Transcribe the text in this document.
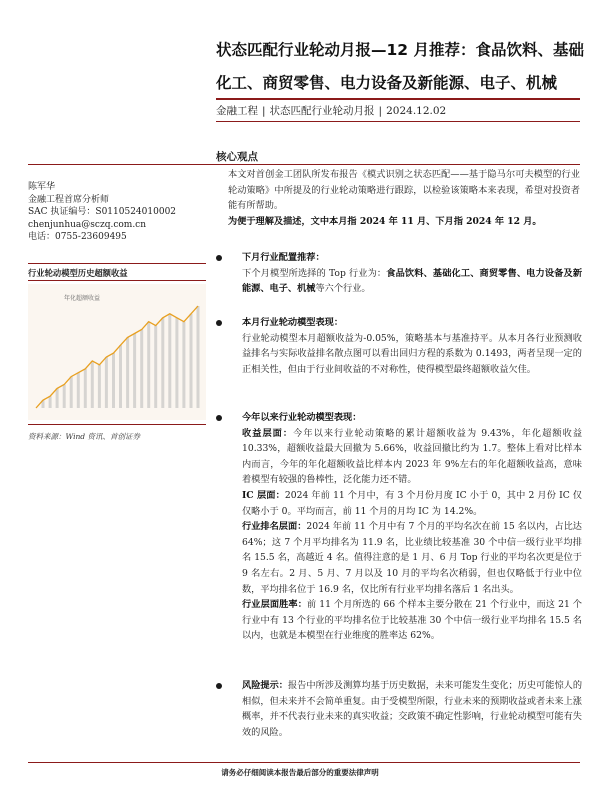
状态匹配行业轮动月报—12 月推荐：食品饮料、基础
化工、商贸零售、电力设备及新能源、电子、机械
金融工程 | 状态匹配行业轮动月报 | 2024.12.02
核心观点
陈军华
金融工程首席分析师
SAC 执证编号：S0110524010002
chenjunhua@sczq.com.cn
电话：0755-23609495
行业轮动模型历史超额收益
年化超额收益
资料来源：Wind 资讯、首创证券

本文对首创金工团队所发布报告《模式识别之状态匹配——基于隐马尔可夫模型的行业轮动策略》中所提及的行业轮动策略进行跟踪，以检验该策略本来表现，希望对投资者能有所帮助。

为便于理解及描述，文中本月指 2024 年 11 月、下月指 2024 年 12 月。

下月行业配置推荐：

下个月模型所选择的 Top 行业为：食品饮料、基础化工、商贸零售、电力设备及新能源、电子、机械等六个行业。

本月行业轮动模型表现：

行业轮动模型本月超额收益为-0.05%，策略基本与基准持平。从本月各行业预测收益排名与实际收益排名散点图可以看出回归方程的系数为 0.1493，两者呈现一定的正相关性，但由于行业间收益的不对称性，使得模型最终超额收益欠佳。

今年以来行业轮动模型表现：

收益层面：今年以来行业轮动策略的累计超额收益为 9.43%，年化超额收益 10.33%，超额收益最大回撤为 5.66%，收益回撤比约为 1.7。整体上看对比样本内而言，今年的年化超额收益比样本内 2023 年 9%左右的年化超额收益高，意味着模型有较强的鲁棒性，泛化能力还不错。

IC 层面：2024 年前 11 个月中，有 3 个月份月度 IC 小于 0，其中 2 月份 IC 仅仅略小于 0。平均而言，前 11 个月的月均 IC 为 14.2%。

行业排名层面：2024 年前 11 个月中有 7 个月的平均名次在前 15 名以内，占比达 64%；这 7 个月平均排名为 11.9 名，比业绩比较基准 30 个中信一级行业平均排名 15.5 名，高越近 4 名。值得注意的是 1 月、6 月 Top 行业的平均名次更是位于 9 名左右。2 月、5 月、7 月以及 10 月的平均名次稍弱，但也仅略低于行业中位数，平均排名位于 16.9 名，仅比所有行业平均排名落后 1 名出头。

行业层面胜率：前 11 个月所选的 66 个样本主要分散在 21 个行业中，而这 21 个行业中有 13 个行业的平均排名位于比较基准 30 个中信一级行业平均排名 15.5 名以内，也就是本模型在行业维度的胜率达 62%。

风险提示：报告中所涉及测算均基于历史数据，未来可能发生变化；历史可能惊人的相似，但未来并不会简单重复。由于受模型所限，行业未来的预期收益或者未来上涨概率，并不代表行业未来的真实收益；交政策不确定性影响，行业轮动模型可能有失效的风险。

请务必仔细阅读本报告最后部分的重要法律声明
